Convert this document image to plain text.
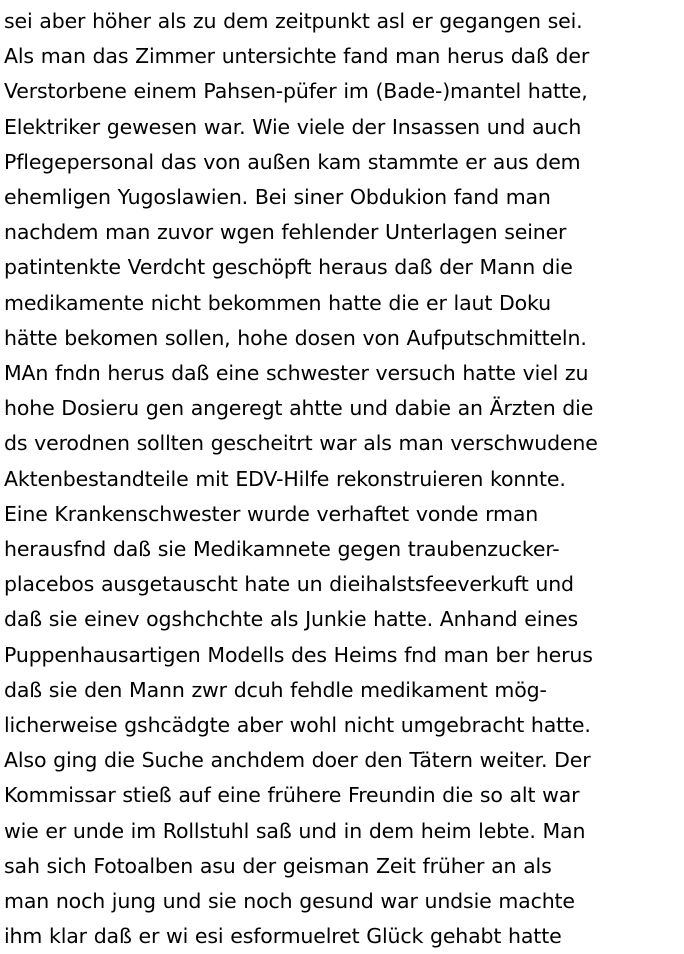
sei aber höher als zu dem zeitpunkt asl er gegangen sei.
Als man das Zimmer untersichte fand man herus daß der
Verstorbene einem Pahsen-püfer im (Bade-)mantel hatte,
Elektriker gewesen war. Wie viele der Insassen und auch
Pflegepersonal das von außen kam stammte er aus dem
ehemligen Yugoslawien. Bei siner Obdukion fand man
nachdem man zuvor wgen fehlender Unterlagen seiner
patintenkte Verdcht geschöpft heraus daß der Mann die
medikamente nicht bekommen hatte die er laut Doku
hätte bekomen sollen, hohe dosen von Aufputschmitteln.
MAn fndn herus daß eine schwester versuch hatte viel zu
hohe Dosieru gen angeregt ahtte und dabie an Ärzten die
ds verodnen sollten gescheitrt war als man verschwudene
Aktenbestandteile mit EDV-Hilfe rekonstruieren konnte.
Eine Krankenschwester wurde verhaftet vonde rman
herausfnd daß sie Medikamnete gegen traubenzucker-
placebos ausgetauscht hate un dieihalstsfeeverkuft und
daß sie einev ogshchchte als Junkie hatte. Anhand eines
Puppenhausartigen Modells des Heims fnd man ber herus
daß sie den Mann zwr dcuh fehdle medikament mög-
licherweise gshcädgte aber wohl nicht umgebracht hatte.
Also ging die Suche anchdem doer den Tätern weiter. Der
Kommissar stieß auf eine frühere Freundin die so alt war
wie er unde im Rollstuhl saß und in dem heim lebte. Man
sah sich Fotoalben asu der geisman Zeit früher an als
man noch jung und sie noch gesund war undsie machte
ihm klar daß er wi esi esformuelret Glück gehabt hatte
